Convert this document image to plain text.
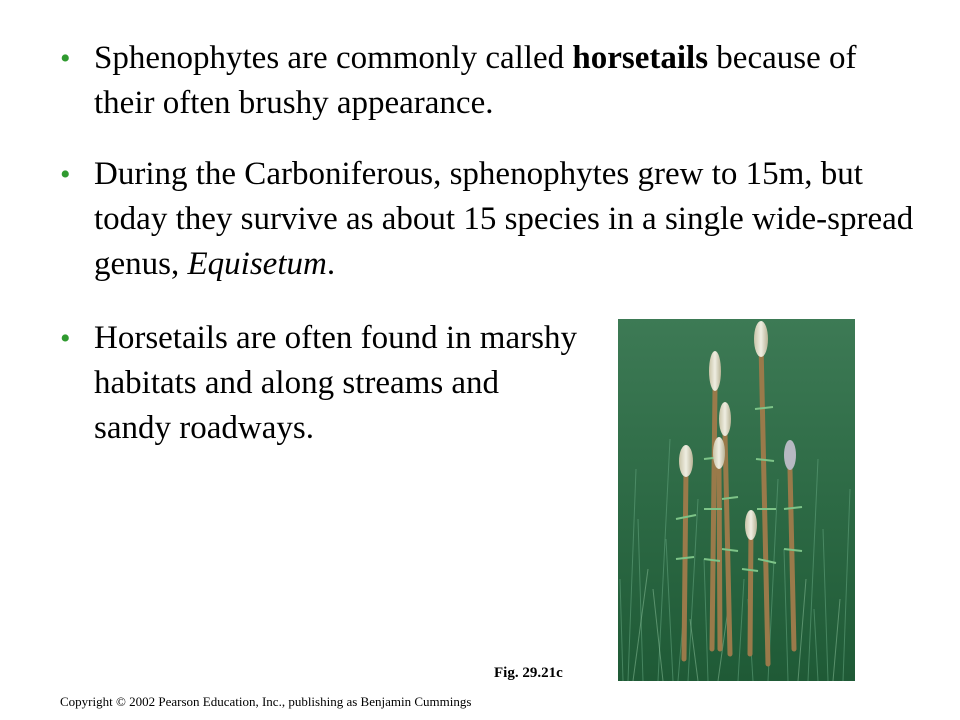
• Sphenophytes are commonly called horsetails because of their often brushy appearance.
• During the Carboniferous, sphenophytes grew to 15m, but today they survive as about 15 species in a single wide-spread genus, Equisetum.
• Horsetails are often found in marshy habitats and along streams and sandy roadways.
Fig. 29.21c
Copyright © 2002 Pearson Education, Inc., publishing as Benjamin Cummings
